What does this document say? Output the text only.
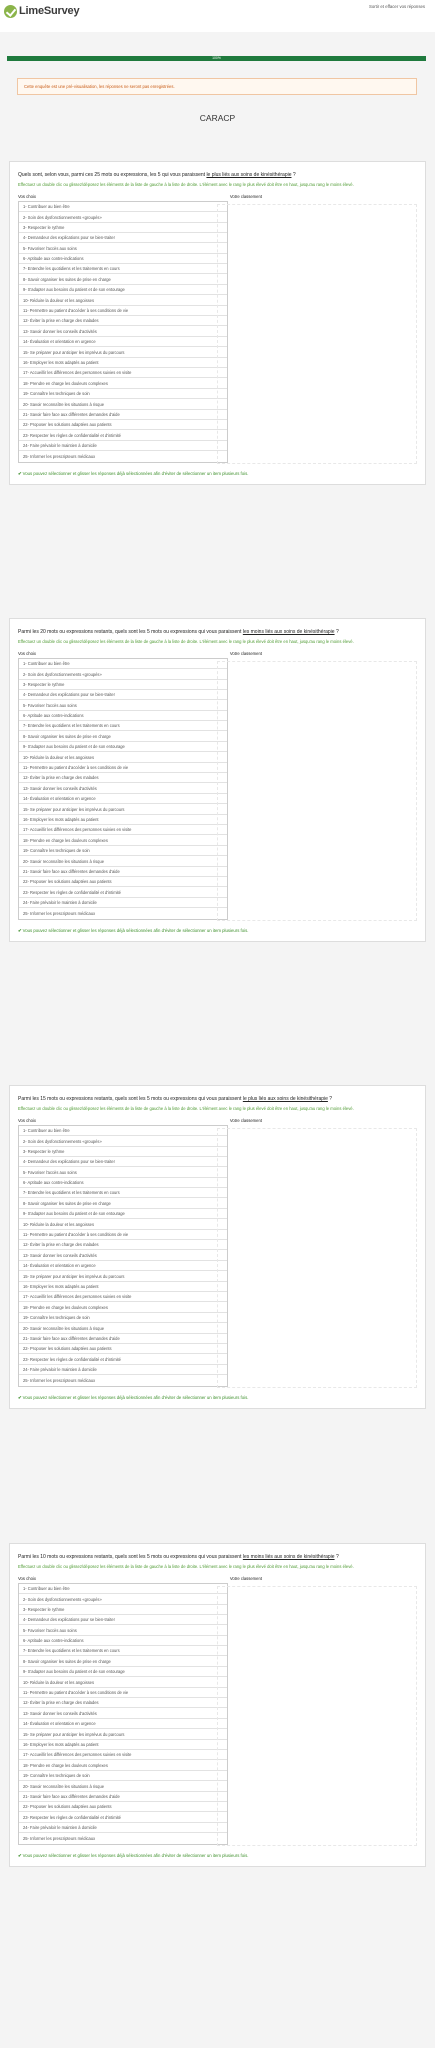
LimeSurvey	Sortir et effacer vos réponses
100%
Cette enquête est une pré-visualisation, les réponses ne seront pas enregistrées.
CARACP
Quels sont, selon vous, parmi ces 25 mots ou expressions, les 5 qui vous paraissent le plus liés aux soins de kinésithérapie ?
Effectuez un double clic ou glissez/déposez les éléments de la liste de gauche à la liste de droite. L'élément avec le rang le plus élevé doit être en haut, jusqu'au rang le moins élevé.
Vos choix	Votre classement
1- Contribuer au bien être
2- Soin des dysfonctionnements «groupés»
3- Respecter le rythme
4- Demandeur des explications pour se bien-traiter
5- Favoriser l'accès aux soins
6- Aptitude aux contre-indications
7- Entendre les quotidiens et les traitements en cours
8- Savoir organiser les suites de prise en charge
9- S'adapter aux besoins du patient et de son entourage
10- Réduire la douleur et les angoisses
11- Permettre au patient d'accéder à ses conditions de vie
12- Éviter la prise en charge des malades
13- Savoir donner les conseils d'activités
14- Évaluation et orientation en urgence
15- Se préparer pour anticiper les imprévus du parcours
16- Employer les mots adaptés au patient
17- Accueillir les différences des personnes suivies en visite
18- Prendre en charge les douleurs complexes
19- Connaître les techniques de soin
20- Savoir reconnaître les situations à risque
21- Savoir faire face aux différentes demandes d'aide
22- Proposer les solutions adaptées aux patients
23- Respecter les règles de confidentialité et d'intimité
24- Faire prévaloir le maintien à domicile
25- Informer les prescripteurs médicaux
✔Vous pouvez sélectionner et glisser les réponses déjà sélectionnées afin d'éviter de sélectionner un item plusieurs fois.
Parmi les 20 mots ou expressions restants, quels sont les 5 mots ou expressions qui vous paraissent les moins liés aux soins de kinésithérapie ?
Effectuez un double clic ou glissez/déposez les éléments de la liste de gauche à la liste de droite. L'élément avec le rang le plus élevé doit être en haut, jusqu'au rang le moins élevé.
Vos choix	Votre classement
1- Contribuer au bien être
2- Soin des dysfonctionnements «groupés»
3- Respecter le rythme
4- Demandeur des explications pour se bien-traiter
5- Favoriser l'accès aux soins
6- Aptitude aux contre-indications
7- Entendre les quotidiens et les traitements en cours
8- Savoir organiser les suites de prise en charge
9- S'adapter aux besoins du patient et de son entourage
10- Réduire la douleur et les angoisses
11- Permettre au patient d'accéder à ses conditions de vie
12- Éviter la prise en charge des malades
13- Savoir donner les conseils d'activités
14- Évaluation et orientation en urgence
15- Se préparer pour anticiper les imprévus du parcours
16- Employer les mots adaptés au patient
17- Accueillir les différences des personnes suivies en visite
18- Prendre en charge les douleurs complexes
19- Connaître les techniques de soin
20- Savoir reconnaître les situations à risque
21- Savoir faire face aux différentes demandes d'aide
22- Proposer les solutions adaptées aux patients
23- Respecter les règles de confidentialité et d'intimité
24- Faire prévaloir le maintien à domicile
25- Informer les prescripteurs médicaux
✔Vous pouvez sélectionner et glisser les réponses déjà sélectionnées afin d'éviter de sélectionner un item plusieurs fois.
Parmi les 15 mots ou expressions restants, quels sont les 5 mots ou expressions qui vous paraissent le plus liés aux soins de kinésithérapie ?
Effectuez un double clic ou glissez/déposez les éléments de la liste de gauche à la liste de droite. L'élément avec le rang le plus élevé doit être en haut, jusqu'au rang le moins élevé.
Vos choix	Votre classement
1- Contribuer au bien être
2- Soin des dysfonctionnements «groupés»
3- Respecter le rythme
4- Demandeur des explications pour se bien-traiter
5- Favoriser l'accès aux soins
6- Aptitude aux contre-indications
7- Entendre les quotidiens et les traitements en cours
8- Savoir organiser les suites de prise en charge
9- S'adapter aux besoins du patient et de son entourage
10- Réduire la douleur et les angoisses
11- Permettre au patient d'accéder à ses conditions de vie
12- Éviter la prise en charge des malades
13- Savoir donner les conseils d'activités
14- Évaluation et orientation en urgence
15- Se préparer pour anticiper les imprévus du parcours
16- Employer les mots adaptés au patient
17- Accueillir les différences des personnes suivies en visite
18- Prendre en charge les douleurs complexes
19- Connaître les techniques de soin
20- Savoir reconnaître les situations à risque
21- Savoir faire face aux différentes demandes d'aide
22- Proposer les solutions adaptées aux patients
23- Respecter les règles de confidentialité et d'intimité
24- Faire prévaloir le maintien à domicile
25- Informer les prescripteurs médicaux
✔Vous pouvez sélectionner et glisser les réponses déjà sélectionnées afin d'éviter de sélectionner un item plusieurs fois.
Parmi les 10 mots ou expressions restants, quels sont les 5 mots ou expressions qui vous paraissent les moins liés aux soins de kinésithérapie ?
Effectuez un double clic ou glissez/déposez les éléments de la liste de gauche à la liste de droite. L'élément avec le rang le plus élevé doit être en haut, jusqu'au rang le moins élevé.
Vos choix	Votre classement
1- Contribuer au bien être
2- Soin des dysfonctionnements «groupés»
3- Respecter le rythme
4- Demandeur des explications pour se bien-traiter
5- Favoriser l'accès aux soins
6- Aptitude aux contre-indications
7- Entendre les quotidiens et les traitements en cours
8- Savoir organiser les suites de prise en charge
9- S'adapter aux besoins du patient et de son entourage
10- Réduire la douleur et les angoisses
11- Permettre au patient d'accéder à ses conditions de vie
12- Éviter la prise en charge des malades
13- Savoir donner les conseils d'activités
14- Évaluation et orientation en urgence
15- Se préparer pour anticiper les imprévus du parcours
16- Employer les mots adaptés au patient
17- Accueillir les différences des personnes suivies en visite
18- Prendre en charge les douleurs complexes
19- Connaître les techniques de soin
20- Savoir reconnaître les situations à risque
21- Savoir faire face aux différentes demandes d'aide
22- Proposer les solutions adaptées aux patients
23- Respecter les règles de confidentialité et d'intimité
24- Faire prévaloir le maintien à domicile
25- Informer les prescripteurs médicaux
✔Vous pouvez sélectionner et glisser les réponses déjà sélectionnées afin d'éviter de sélectionner un item plusieurs fois.
